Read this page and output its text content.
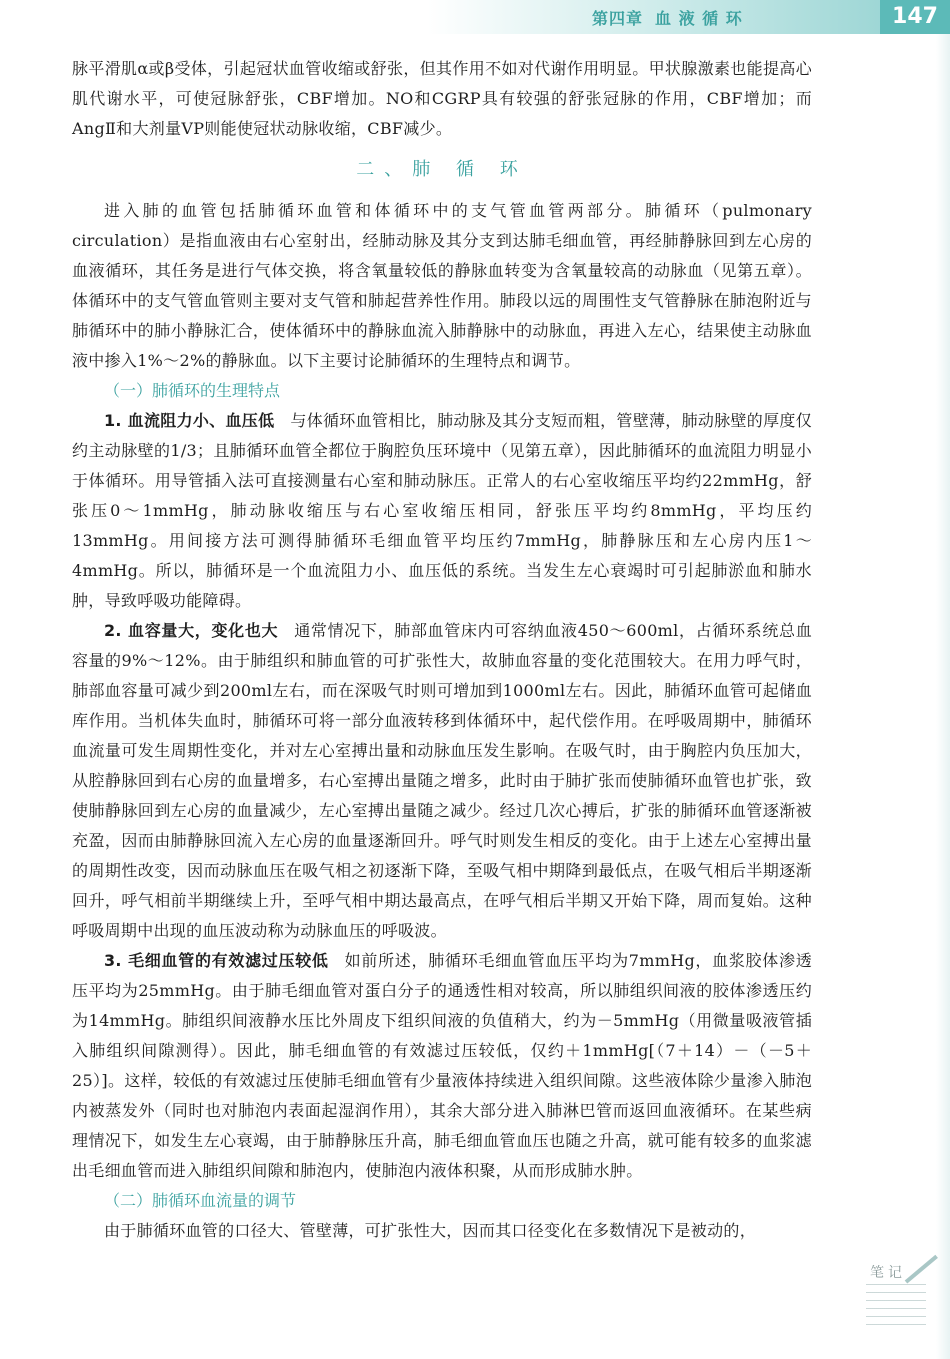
第四章 血 液 循 环	147

脉平滑肌α或β受体，引起冠状血管收缩或舒张，但其作用不如对代谢作用明显。甲状腺激素也能提高心肌代谢水平，可使冠脉舒张，CBF增加。NO和CGRP具有较强的舒张冠脉的作用，CBF增加；而AngⅡ和大剂量VP则能使冠状动脉收缩，CBF减少。

二、肺 循 环

进入肺的血管包括肺循环血管和体循环中的支气管血管两部分。肺循环（pulmonary circulation）是指血液由右心室射出，经肺动脉及其分支到达肺毛细血管，再经肺静脉回到左心房的血液循环，其任务是进行气体交换，将含氧量较低的静脉血转变为含氧量较高的动脉血（见第五章）。体循环中的支气管血管则主要对支气管和肺起营养性作用。肺段以远的周围性支气管静脉在肺泡附近与肺循环中的肺小静脉汇合，使体循环中的静脉血流入肺静脉中的动脉血，再进入左心，结果使主动脉血液中掺入1%～2%的静脉血。以下主要讨论肺循环的生理特点和调节。

（一）肺循环的生理特点

1. 血流阻力小、血压低 与体循环血管相比，肺动脉及其分支短而粗，管壁薄，肺动脉壁的厚度仅约主动脉壁的1/3；且肺循环血管全都位于胸腔负压环境中（见第五章），因此肺循环的血流阻力明显小于体循环。用导管插入法可直接测量右心室和肺动脉压。正常人的右心室收缩压平均约22mmHg，舒张压0～1mmHg，肺动脉收缩压与右心室收缩压相同，舒张压平均约8mmHg，平均压约13mmHg。用间接方法可测得肺循环毛细血管平均压约7mmHg，肺静脉压和左心房内压1～4mmHg。所以，肺循环是一个血流阻力小、血压低的系统。当发生左心衰竭时可引起肺淤血和肺水肿，导致呼吸功能障碍。

2. 血容量大，变化也大 通常情况下，肺部血管床内可容纳血液450～600ml，占循环系统总血容量的9%～12%。由于肺组织和肺血管的可扩张性大，故肺血容量的变化范围较大。在用力呼气时，肺部血容量可减少到200ml左右，而在深吸气时则可增加到1000ml左右。因此，肺循环血管可起储血库作用。当机体失血时，肺循环可将一部分血液转移到体循环中，起代偿作用。在呼吸周期中，肺循环血流量可发生周期性变化，并对左心室搏出量和动脉血压发生影响。在吸气时，由于胸腔内负压加大，从腔静脉回到右心房的血量增多，右心室搏出量随之增多，此时由于肺扩张而使肺循环血管也扩张，致使肺静脉回到左心房的血量减少，左心室搏出量随之减少。经过几次心搏后，扩张的肺循环血管逐渐被充盈，因而由肺静脉回流入左心房的血量逐渐回升。呼气时则发生相反的变化。由于上述左心室搏出量的周期性改变，因而动脉血压在吸气相之初逐渐下降，至吸气相中期降到最低点，在吸气相后半期逐渐回升，呼气相前半期继续上升，至呼气相中期达最高点，在呼气相后半期又开始下降，周而复始。这种呼吸周期中出现的血压波动称为动脉血压的呼吸波。

3. 毛细血管的有效滤过压较低 如前所述，肺循环毛细血管血压平均为7mmHg，血浆胶体渗透压平均为25mmHg。由于肺毛细血管对蛋白分子的通透性相对较高，所以肺组织间液的胶体渗透压约为14mmHg。肺组织间液静水压比外周皮下组织间液的负值稍大，约为－5mmHg（用微量吸液管插入肺组织间隙测得）。因此，肺毛细血管的有效滤过压较低，仅约＋1mmHg[（7＋14）－（－5＋25）]。这样，较低的有效滤过压使肺毛细血管有少量液体持续进入组织间隙。这些液体除少量渗入肺泡内被蒸发外（同时也对肺泡内表面起湿润作用），其余大部分进入肺淋巴管而返回血液循环。在某些病理情况下，如发生左心衰竭，由于肺静脉压升高，肺毛细血管血压也随之升高，就可能有较多的血浆滤出毛细血管而进入肺组织间隙和肺泡内，使肺泡内液体积聚，从而形成肺水肿。

（二）肺循环血流量的调节

由于肺循环血管的口径大、管壁薄，可扩张性大，因而其口径变化在多数情况下是被动的，

笔记
